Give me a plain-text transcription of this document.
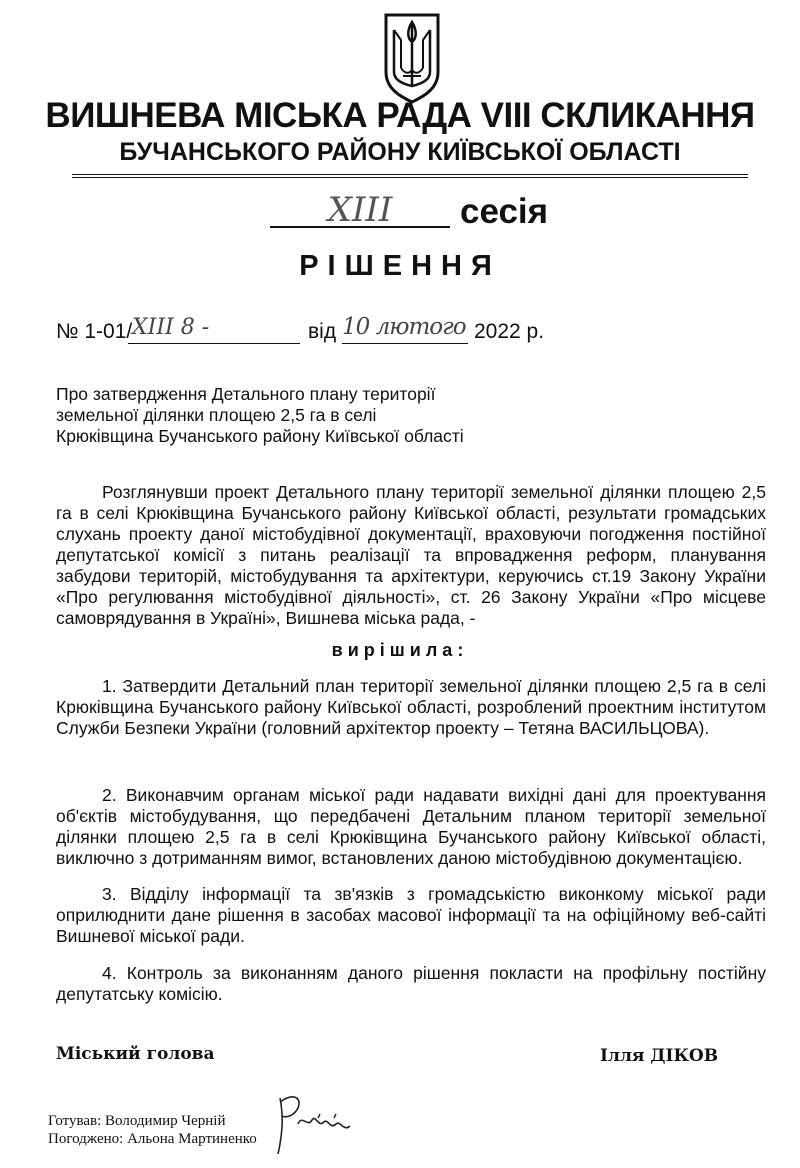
ВИШНЕВА МІСЬКА РАДА VIII СКЛИКАННЯ
БУЧАНСЬКОГО РАЙОНУ КИЇВСЬКОЇ ОБЛАСТІ
XIII	сесія
РІШЕННЯ
№ 1-01/ XIII 8 -	від 10 лютого 2022 р.
Про затвердження Детального плану території
земельної ділянки площею 2,5 га в селі
Крюківщина Бучанського району Київської області
Розглянувши проект Детального плану території земельної ділянки площею 2,5 га в селі Крюківщина Бучанського району Київської області, результати громадських слухань проекту даної містобудівної документації, враховуючи погодження постійної депутатської комісії з питань реалізації та впровадження реформ, планування забудови територій, містобудування та архітектури, керуючись ст.19 Закону України «Про регулювання містобудівної діяльності», ст. 26 Закону України «Про місцеве самоврядування в Україні», Вишнева міська рада, -
вирішила:
1. Затвердити Детальний план території земельної ділянки площею 2,5 га в селі Крюківщина Бучанського району Київської області, розроблений проектним інститутом Служби Безпеки України (головний архітектор проекту – Тетяна ВАСИЛЬЦОВА).
2. Виконавчим органам міської ради надавати вихідні дані для проектування об'єктів містобудування, що передбачені Детальним планом території земельної ділянки площею 2,5 га в селі Крюківщина Бучанського району Київської області, виключно з дотриманням вимог, встановлених даною містобудівною документацією.
3. Відділу інформації та зв'язків з громадськістю виконкому міської ради оприлюднити дане рішення в засобах масової інформації та на офіційному веб-сайті Вишневої міської ради.
4. Контроль за виконанням даного рішення покласти на профільну постійну депутатську комісію.
Міський голова	Ілля ДІКОВ
Готував: Володимир Черній
Погоджено: Альона Мартиненко
